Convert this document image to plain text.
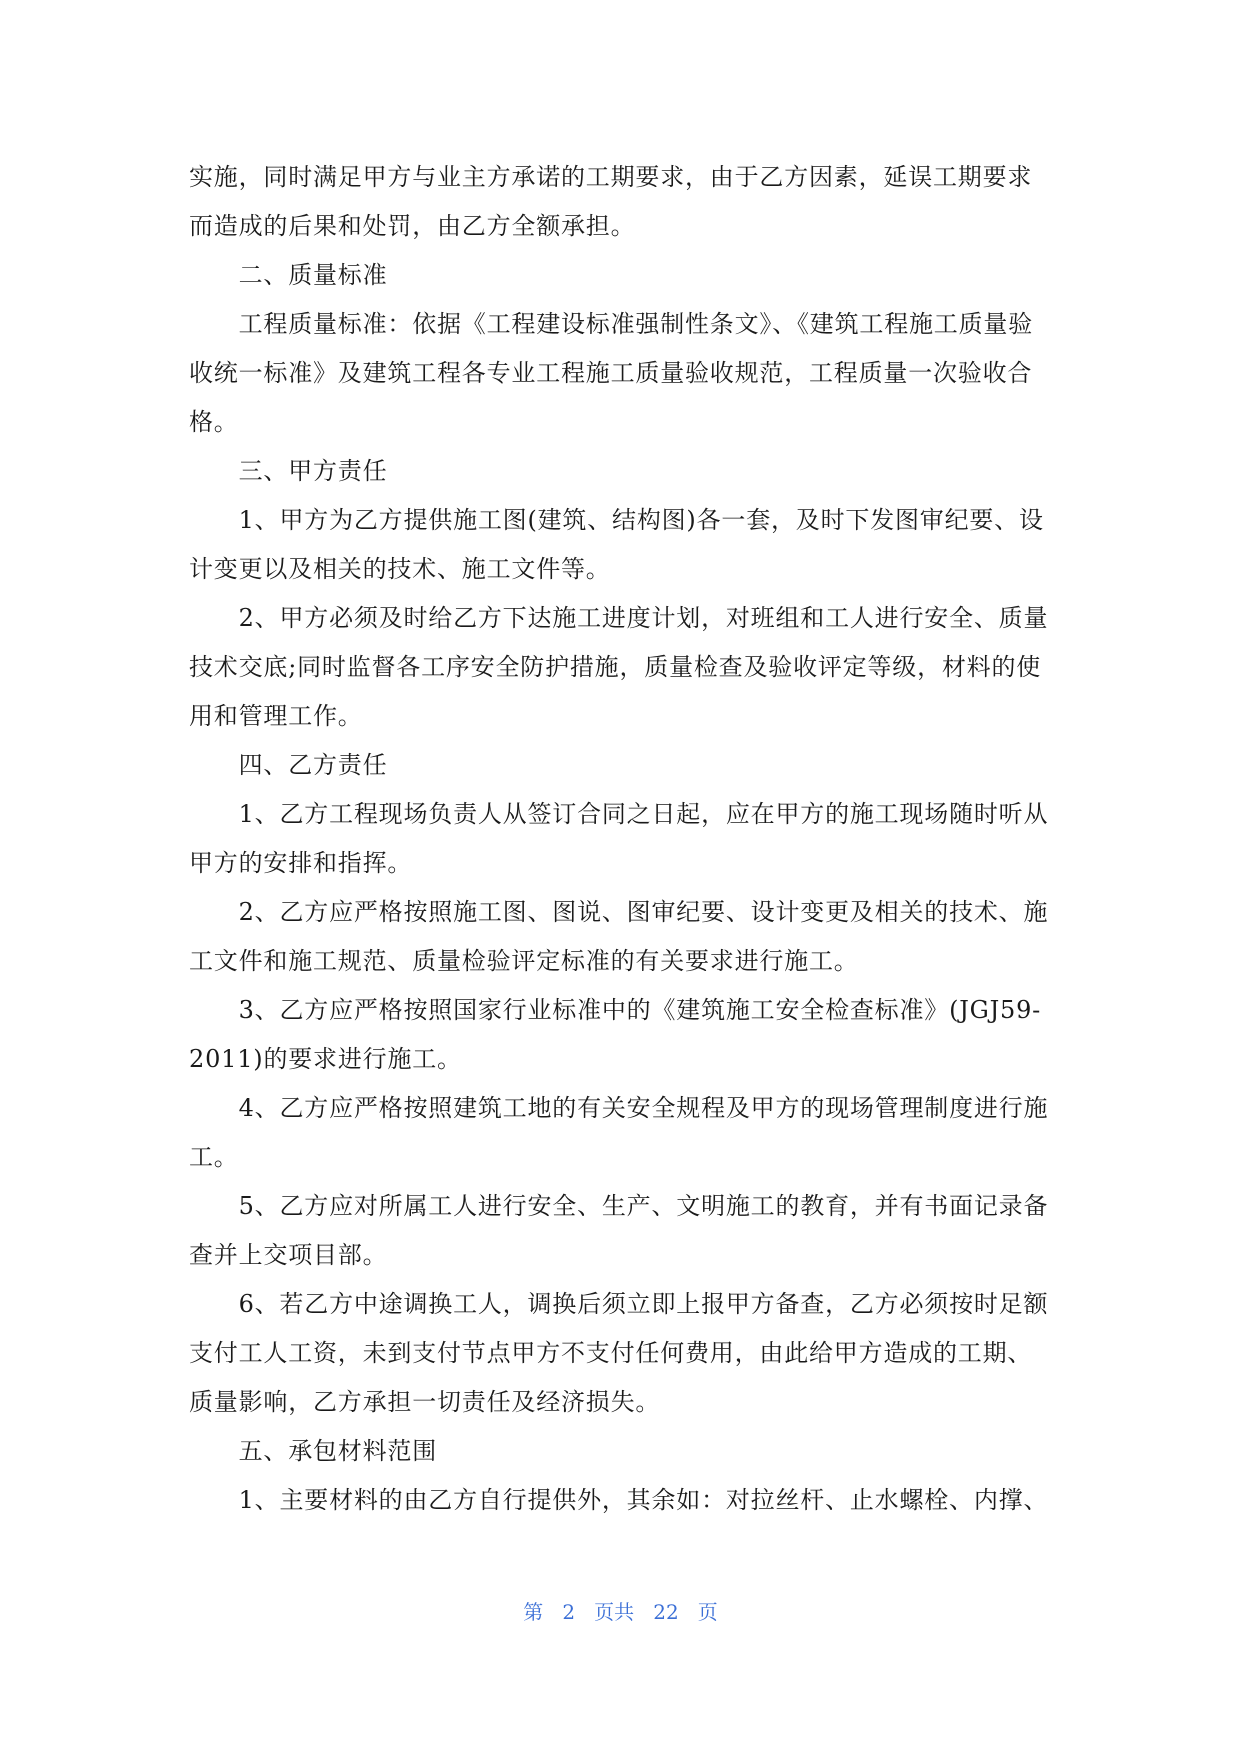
实施，同时满足甲方与业主方承诺的工期要求，由于乙方因素，延误工期要求
而造成的后果和处罚，由乙方全额承担。
　　二、质量标准
　　工程质量标准：依据《工程建设标准强制性条文》、《建筑工程施工质量验
收统一标准》及建筑工程各专业工程施工质量验收规范，工程质量一次验收合
格。
　　三、甲方责任
　　1、甲方为乙方提供施工图(建筑、结构图)各一套，及时下发图审纪要、设
计变更以及相关的技术、施工文件等。
　　2、甲方必须及时给乙方下达施工进度计划，对班组和工人进行安全、质量
技术交底;同时监督各工序安全防护措施，质量检查及验收评定等级，材料的使
用和管理工作。
　　四、乙方责任
　　1、乙方工程现场负责人从签订合同之日起，应在甲方的施工现场随时听从
甲方的安排和指挥。
　　2、乙方应严格按照施工图、图说、图审纪要、设计变更及相关的技术、施
工文件和施工规范、质量检验评定标准的有关要求进行施工。
　　3、乙方应严格按照国家行业标准中的《建筑施工安全检查标准》(JGJ59-
2011)的要求进行施工。
　　4、乙方应严格按照建筑工地的有关安全规程及甲方的现场管理制度进行施
工。
　　5、乙方应对所属工人进行安全、生产、文明施工的教育，并有书面记录备
查并上交项目部。
　　6、若乙方中途调换工人，调换后须立即上报甲方备查，乙方必须按时足额
支付工人工资，未到支付节点甲方不支付任何费用，由此给甲方造成的工期、
质量影响，乙方承担一切责任及经济损失。
　　五、承包材料范围
　　1、主要材料的由乙方自行提供外，其余如：对拉丝杆、止水螺栓、内撑、
第 2 页共 22 页
